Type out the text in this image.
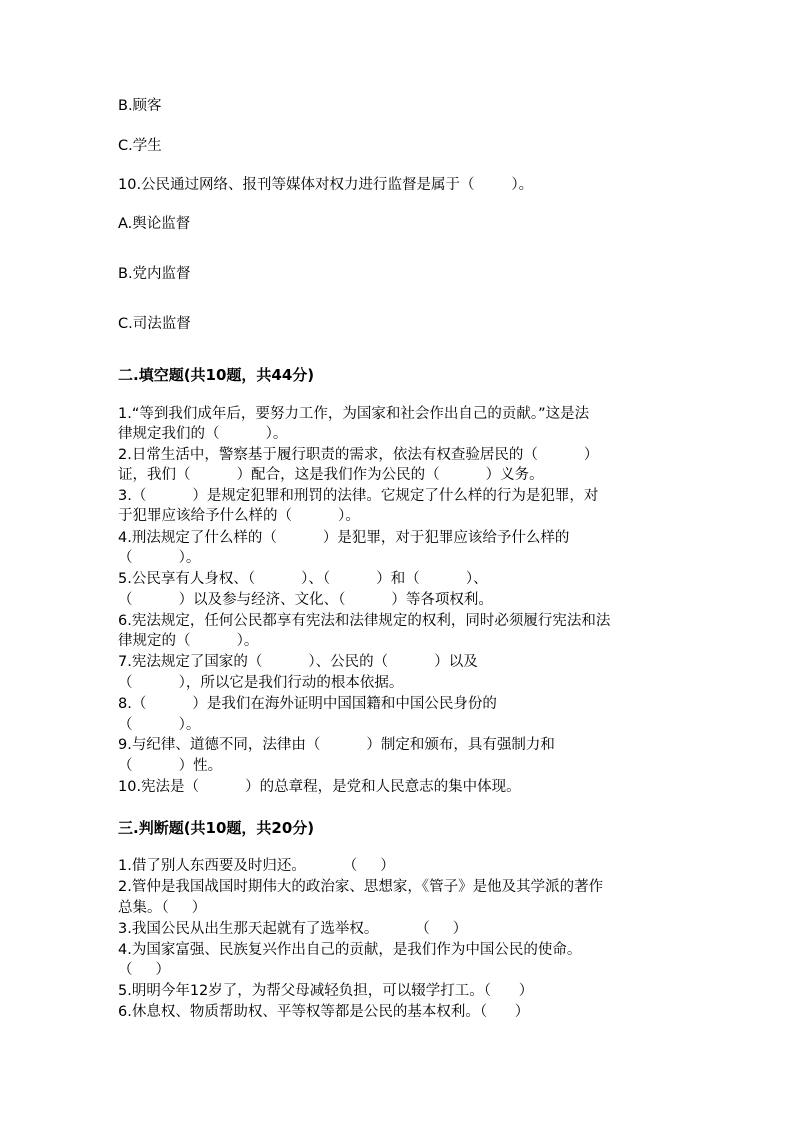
B.顾客
C.学生
10.公民通过网络、报刊等媒体对权力进行监督是属于（        ）。
A.舆论监督
B.党内监督
C.司法监督
二.填空题(共10题，共44分)
1.“等到我们成年后，要努力工作，为国家和社会作出自己的贡献。”这是法
律规定我们的（          ）。
2.日常生活中，警察基于履行职责的需求，依法有权查验居民的（          ）
证，我们（          ）配合，这是我们作为公民的（          ）义务。
3.（          ）是规定犯罪和刑罚的法律。它规定了什么样的行为是犯罪，对
于犯罪应该给予什么样的（          ）。
4.刑法规定了什么样的（          ）是犯罪，对于犯罪应该给予什么样的
（          ）。
5.公民享有人身权、（          ）、（          ）和（          ）、
（          ）以及参与经济、文化、（          ）等各项权利。
6.宪法规定，任何公民都享有宪法和法律规定的权利，同时必须履行宪法和法
律规定的（          ）。
7.宪法规定了国家的（          ）、公民的（          ）以及
（          ），所以它是我们行动的根本依据。
8.（          ）是我们在海外证明中国国籍和中国公民身份的
（          ）。
9.与纪律、道德不同，法律由（          ）制定和颁布，具有强制力和
（          ）性。
10.宪法是（          ）的总章程，是党和人民意志的集中体现。
三.判断题(共10题，共20分)
1.借了别人东西要及时归还。        （     ）
2.管仲是我国战国时期伟大的政治家、思想家，《管子》是他及其学派的著作
总集。（     ）
3.我国公民从出生那天起就有了选举权。        （     ）
4.为国家富强、民族复兴作出自己的贡献，是我们作为中国公民的使命。
（     ）
5.明明今年12岁了，为帮父母减轻负担，可以辍学打工。（      ）
6.休息权、物质帮助权、平等权等都是公民的基本权利。（      ）
